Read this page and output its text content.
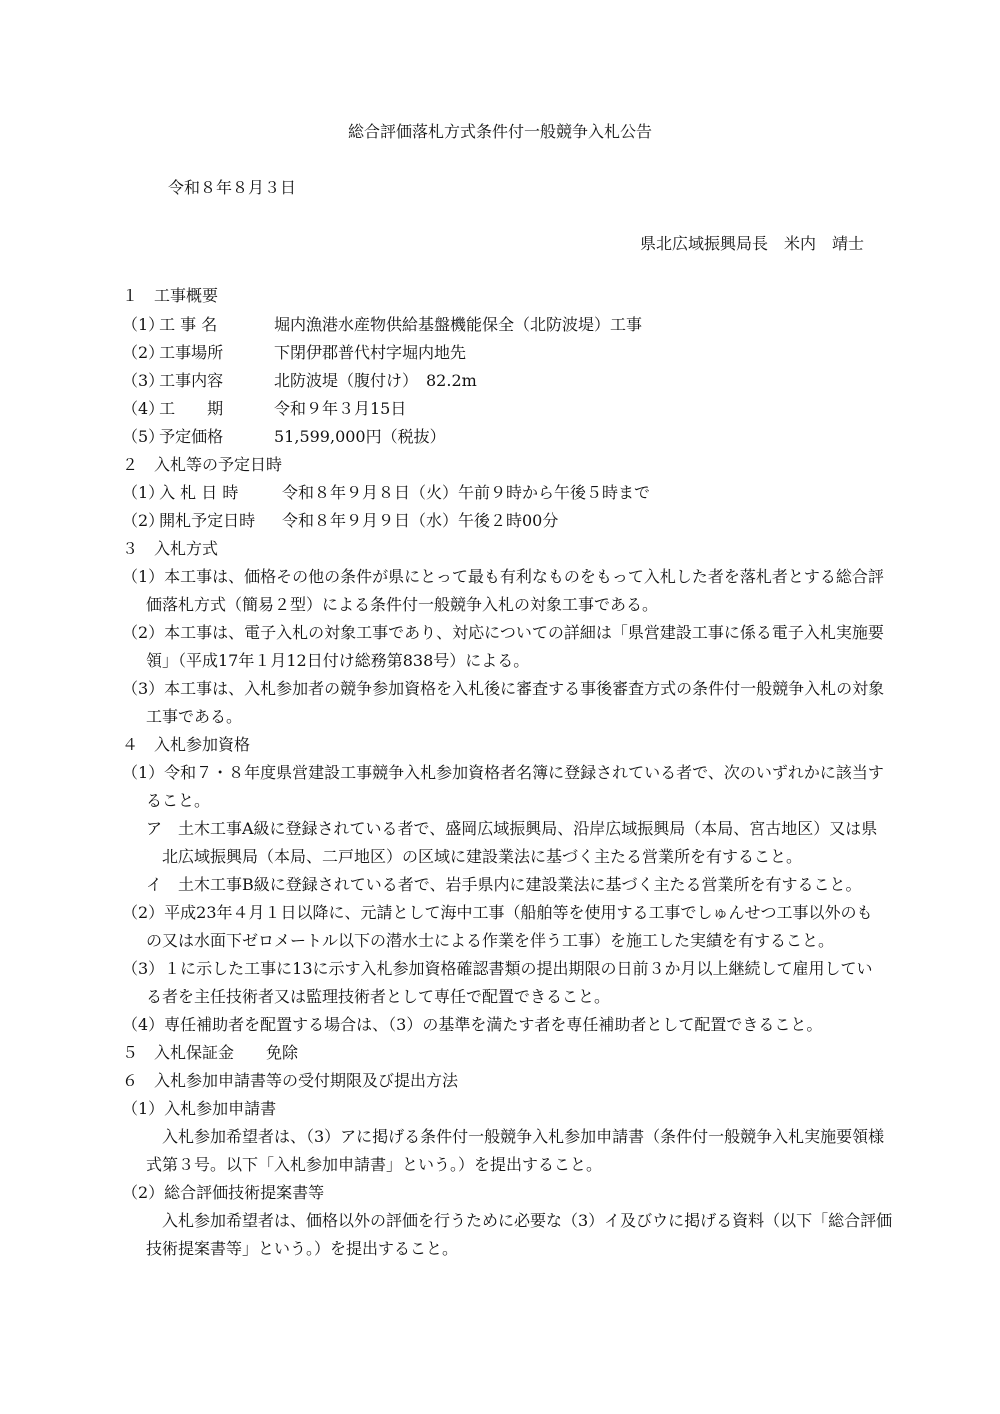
総合評価落札方式条件付一般競争入札公告
令和８年８月３日
県北広域振興局長　米内　靖士
１　工事概要
（1） 工 事 名	堀内漁港水産物供給基盤機能保全（北防波堤）工事
（2） 工事場所	下閉伊郡普代村字堀内地先
（3） 工事内容	北防波堤（腹付け）　82.2m
（4） 工　　期	令和９年３月15日
（5） 予定価格	51,599,000円（税抜）
２　入札等の予定日時
（1） 入 札 日 時	令和８年９月８日（火）午前９時から午後５時まで
（2） 開札予定日時 令和８年９月９日（水）午後２時00分
３　入札方式
（1）本工事は、価格その他の条件が県にとって最も有利なものをもって入札した者を落札者とする総合評
価落札方式（簡易２型）による条件付一般競争入札の対象工事である。
（2）本工事は、電子入札の対象工事であり、対応についての詳細は「県営建設工事に係る電子入札実施要
領」（平成17年１月12日付け総務第838号）による。
（3）本工事は、入札参加者の競争参加資格を入札後に審査する事後審査方式の条件付一般競争入札の対象
工事である。
４　入札参加資格
（1）令和７・８年度県営建設工事競争入札参加資格者名簿に登録されている者で、次のいずれかに該当す
ること。
ア　土木工事A級に登録されている者で、盛岡広域振興局、沿岸広域振興局（本局、宮古地区）又は県
北広域振興局（本局、二戸地区）の区域に建設業法に基づく主たる営業所を有すること。
イ　土木工事B級に登録されている者で、岩手県内に建設業法に基づく主たる営業所を有すること。
（2）平成23年４月１日以降に、元請として海中工事（船舶等を使用する工事でしゅんせつ工事以外のも
の又は水面下ゼロメートル以下の潜水士による作業を伴う工事）を施工した実績を有すること。
（3）１に示した工事に13に示す入札参加資格確認書類の提出期限の日前３か月以上継続して雇用してい
る者を主任技術者又は監理技術者として専任で配置できること。
（4）専任補助者を配置する場合は、（3）の基準を満たす者を専任補助者として配置できること。
５　入札保証金　　免除
６　入札参加申請書等の受付期限及び提出方法
（1）入札参加申請書
入札参加希望者は、（3）アに掲げる条件付一般競争入札参加申請書（条件付一般競争入札実施要領様
式第３号。以下「入札参加申請書」という。）を提出すること。
（2）総合評価技術提案書等
入札参加希望者は、価格以外の評価を行うために必要な（3）イ及びウに掲げる資料（以下「総合評価
技術提案書等」という。）を提出すること。
